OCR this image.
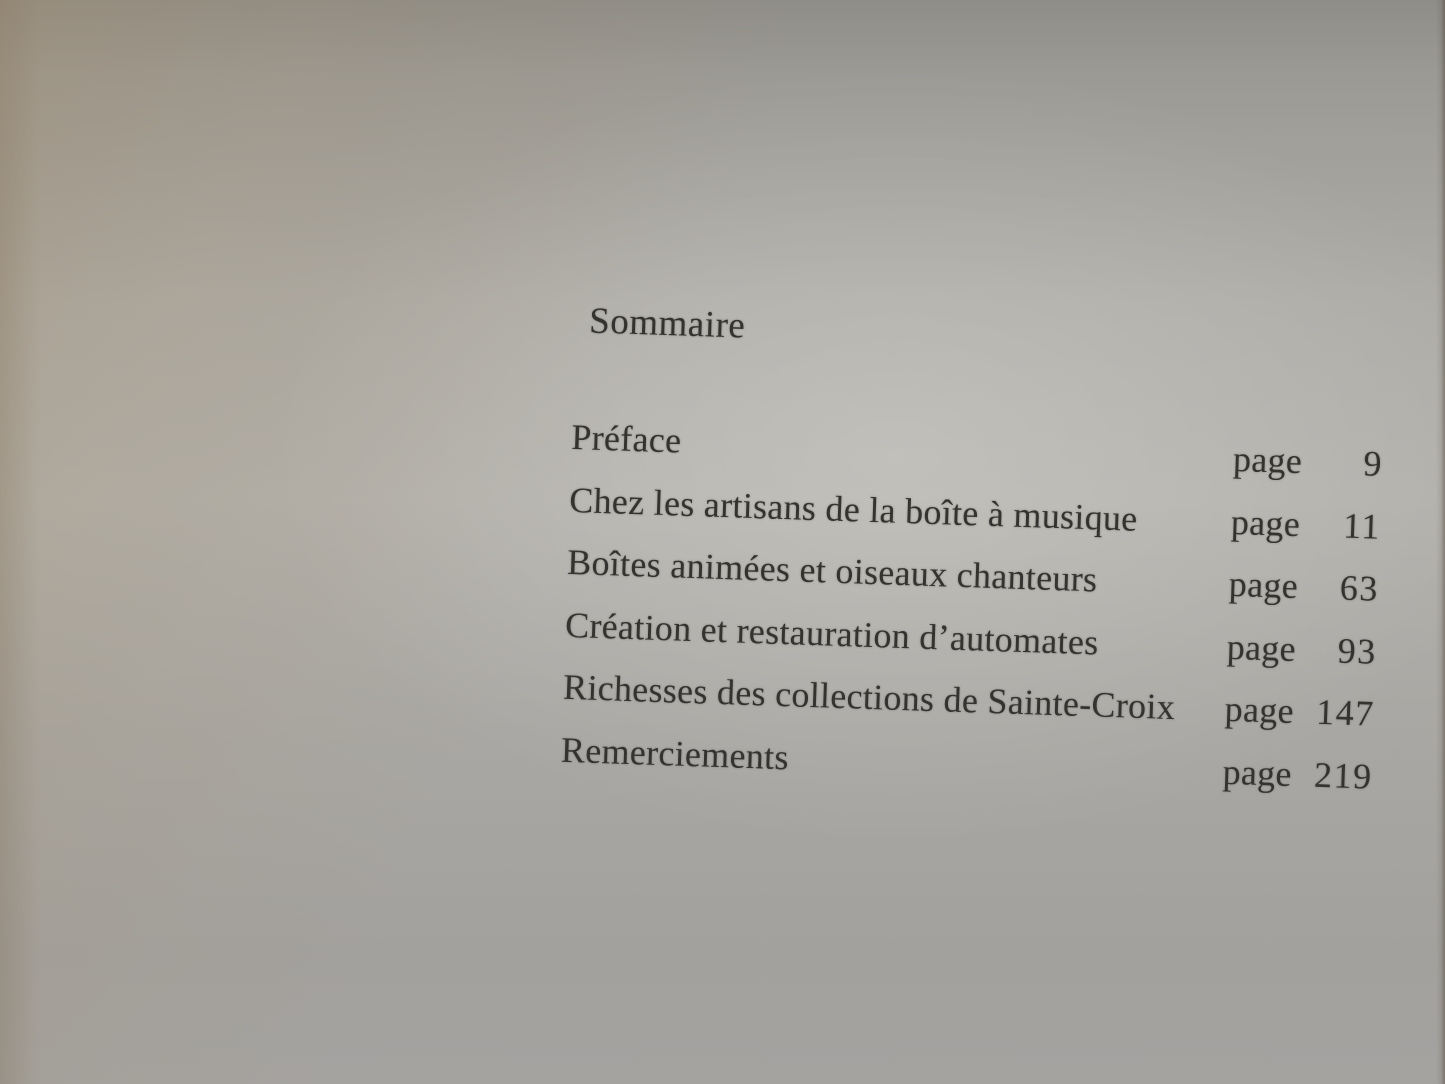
Sommaire
Préface	page 9
Chez les artisans de la boîte à musique	page 11
Boîtes animées et oiseaux chanteurs	page 63
Création et restauration d’automates	page 93
Richesses des collections de Sainte-Croix	page 147
Remerciements	page 219
